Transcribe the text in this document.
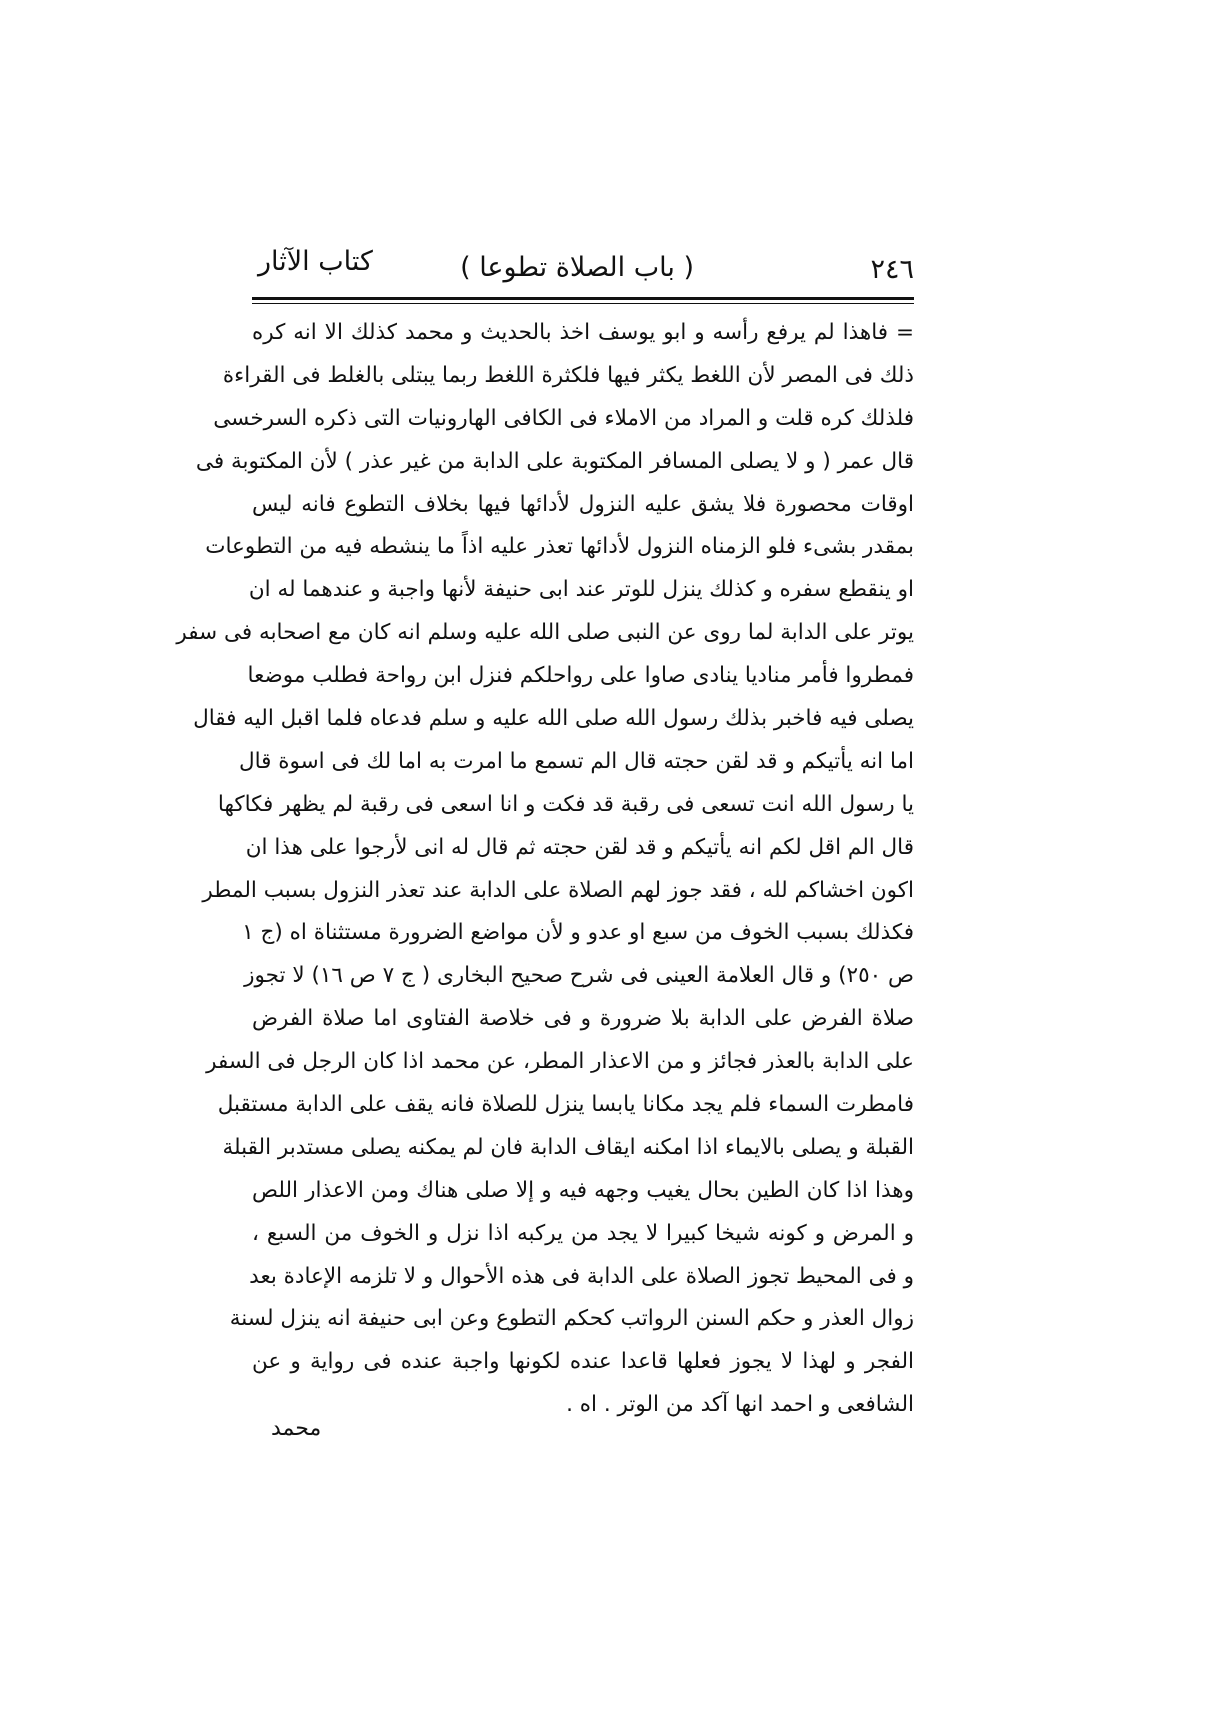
٢٤٦
( باب الصلاة تطوعا )
كتاب الآثار
= فاهذا لم يرفع رأسه و ابو يوسف اخذ بالحديث و محمد كذلك الا انه كره
ذلك فى المصر لأن اللغط يكثر فيها فلكثرة اللغط ربما يبتلى بالغلط فى القراءة
فلذلك كره قلت و المراد من الاملاء فى الكافى الهارونيات التى ذكره السرخسى
قال عمر ( و لا يصلى المسافر المكتوبة على الدابة من غير عذر ) لأن المكتوبة فى
اوقات محصورة فلا يشق عليه النزول لأدائها فيها بخلاف التطوع فانه ليس
بمقدر بشىء فلو الزمناه النزول لأدائها تعذر عليه اذاً ما ينشطه فيه من التطوعات
او ينقطع سفره و كذلك ينزل للوتر عند ابى حنيفة لأنها واجبة و عندهما له ان
يوتر على الدابة لما روى عن النبى صلى الله عليه وسلم انه كان مع اصحابه فى سفر
فمطروا فأمر مناديا ينادى صاوا على رواحلكم فنزل ابن رواحة فطلب موضعا
يصلى فيه فاخبر بذلك رسول الله صلى الله عليه و سلم فدعاه فلما اقبل اليه فقال
اما انه يأتيكم و قد لقن حجته قال الم تسمع ما امرت به اما لك فى اسوة قال
يا رسول الله انت تسعى فى رقبة قد فكت و انا اسعى فى رقبة لم يظهر فكاكها
قال الم اقل لكم انه يأتيكم و قد لقن حجته ثم قال له انى لأرجوا على هذا ان
اكون اخشاكم لله ، فقد جوز لهم الصلاة على الدابة عند تعذر النزول بسبب المطر
فكذلك بسبب الخوف من سبع او عدو و لأن مواضع الضرورة مستثناة اه (ج ١
ص ٢٥٠) و قال العلامة العينى فى شرح صحيح البخارى ( ج ٧ ص ١٦) لا تجوز
صلاة الفرض على الدابة بلا ضرورة و فى خلاصة الفتاوى اما صلاة الفرض
على الدابة بالعذر فجائز و من الاعذار المطر، عن محمد اذا كان الرجل فى السفر
فامطرت السماء فلم يجد مكانا يابسا ينزل للصلاة فانه يقف على الدابة مستقبل
القبلة و يصلى بالايماء اذا امكنه ايقاف الدابة فان لم يمكنه يصلى مستدبر القبلة
وهذا اذا كان الطين بحال يغيب وجهه فيه و إلا صلى هناك ومن الاعذار اللص
و المرض و كونه شيخا كبيرا لا يجد من يركبه اذا نزل و الخوف من السبع ،
و فى المحيط تجوز الصلاة على الدابة فى هذه الأحوال و لا تلزمه الإعادة بعد
زوال العذر و حكم السنن الرواتب كحكم التطوع وعن ابى حنيفة انه ينزل لسنة
الفجر و لهذا لا يجوز فعلها قاعدا عنده لكونها واجبة عنده فى رواية و عن
الشافعى و احمد انها آكد من الوتر . اه .
محمد
